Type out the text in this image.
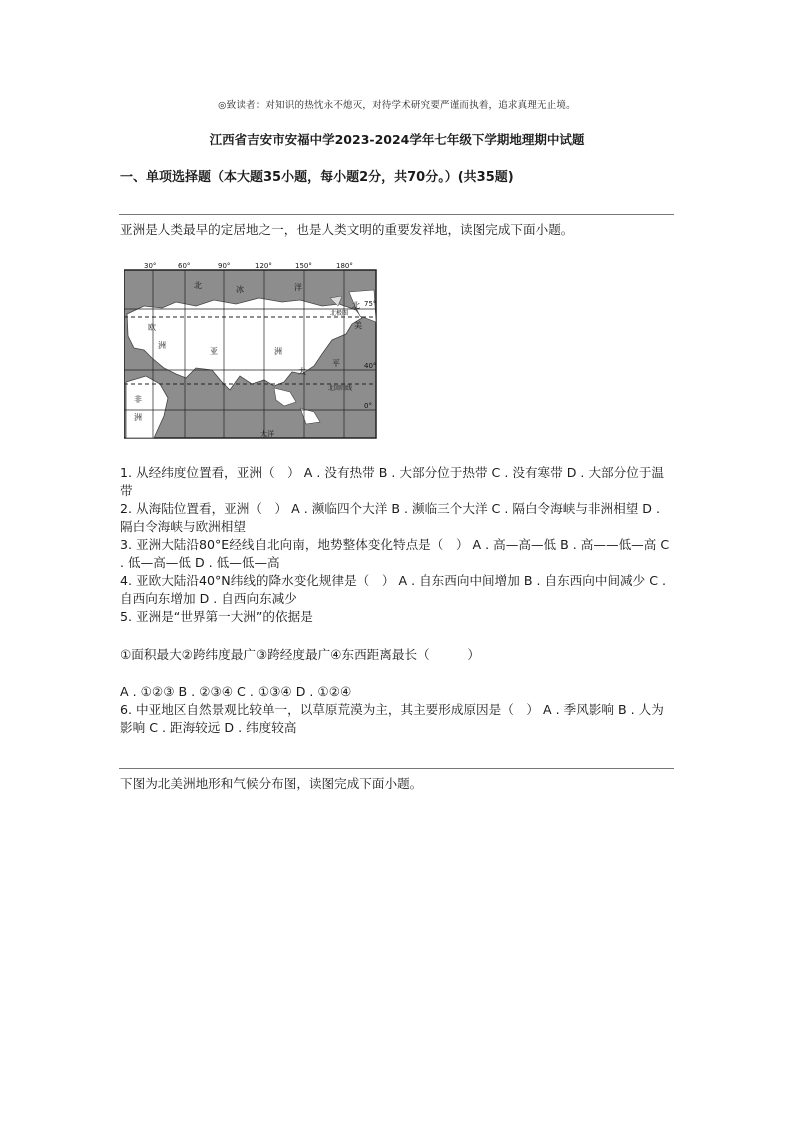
◎致读者：对知识的热忱永不熄灭，对待学术研究要严谨而执着，追求真理无止境。
江西省吉安市安福中学2023-2024学年七年级下学期地理期中试题
一、单项选择题（本大题35小题，每小题2分，共70分。）(共35题)
亚洲是人类最早的定居地之一，也是人类文明的重要发祥地，读图完成下面小题。
30°	60°	90°	120°	150°	180°
75°
40°
0°
北	冰	洋
欧
洲
亚	洲
北
美
太
平
非
洲
大洋
北极圈
北回归线
1. 从经纬度位置看，亚洲（　） A . 没有热带 B . 大部分位于热带 C . 没有寒带 D . 大部分位于温带
2. 从海陆位置看，亚洲（　） A . 濒临四个大洋 B . 濒临三个大洋 C . 隔白令海峡与非洲相望 D . 隔白令海峡与欧洲相望
3. 亚洲大陆沿80°E经线自北向南，地势整体变化特点是（　） A . 高—高—低 B . 高——低—高 C . 低—高—低 D . 低—低—高
4. 亚欧大陆沿40°N纬线的降水变化规律是（　） A . 自东西向中间增加 B . 自东西向中间减少 C . 自西向东增加 D . 自西向东减少
5. 亚洲是“世界第一大洲”的依据是
①面积最大②跨纬度最广③跨经度最广④东西距离最长（　　　）
A . ①②③ B . ②③④ C . ①③④ D . ①②④
6. 中亚地区自然景观比较单一，以草原荒漠为主，其主要形成原因是（　） A . 季风影响 B . 人为影响 C . 距海较远 D . 纬度较高
下图为北美洲地形和气候分布图，读图完成下面小题。
